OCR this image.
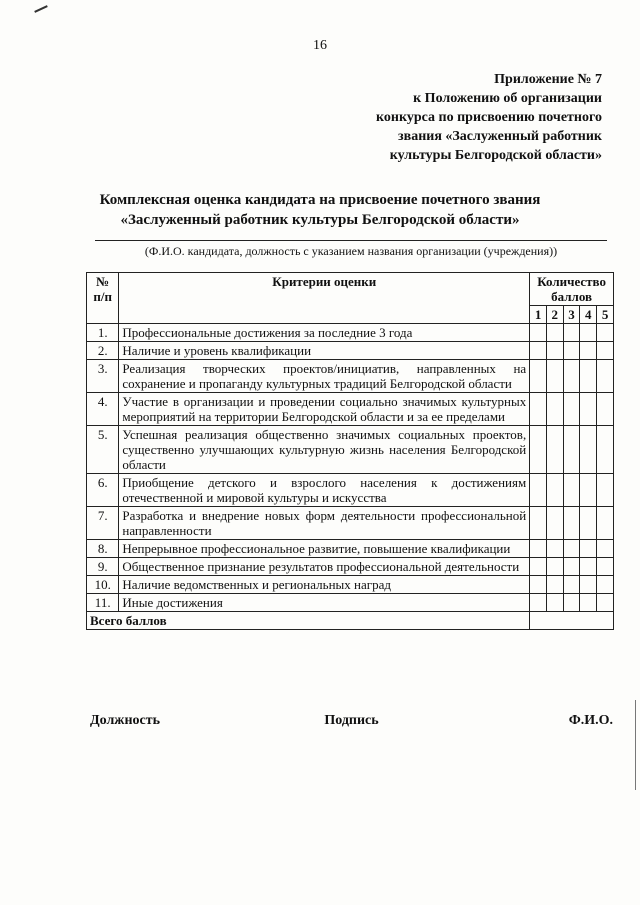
16
Приложение № 7
к Положению об организации
конкурса по присвоению почетного
звания «Заслуженный работник
культуры Белгородской области»
Комплексная оценка кандидата на присвоение почетного звания
«Заслуженный работник культуры Белгородской области»
(Ф.И.О. кандидата, должность с указанием названия организации (учреждения))
№ п/п	Критерии оценки	Количество баллов				
		1	2	3	4	5
1.	Профессиональные достижения за последние 3 года					
2.	Наличие и уровень квалификации					
3.	Реализация творческих проектов/инициатив, направленных на сохранение и пропаганду культурных традиций Белгородской области					
4.	Участие в организации и проведении социально значимых культурных мероприятий на территории Белгородской области и за ее пределами					
5.	Успешная реализация общественно значимых социальных проектов, существенно улучшающих культурную жизнь населения Белгородской области					
6.	Приобщение детского и взрослого населения к достижениям отечественной и мировой культуры и искусства					
7.	Разработка и внедрение новых форм деятельности профессиональной направленности					
8.	Непрерывное профессиональное развитие, повышение квалификации					
9.	Общественное признание результатов профессиональной деятельности					
10.	Наличие ведомственных и региональных наград					
11.	Иные достижения					
Всего баллов						
Должность	Подпись	Ф.И.О.
